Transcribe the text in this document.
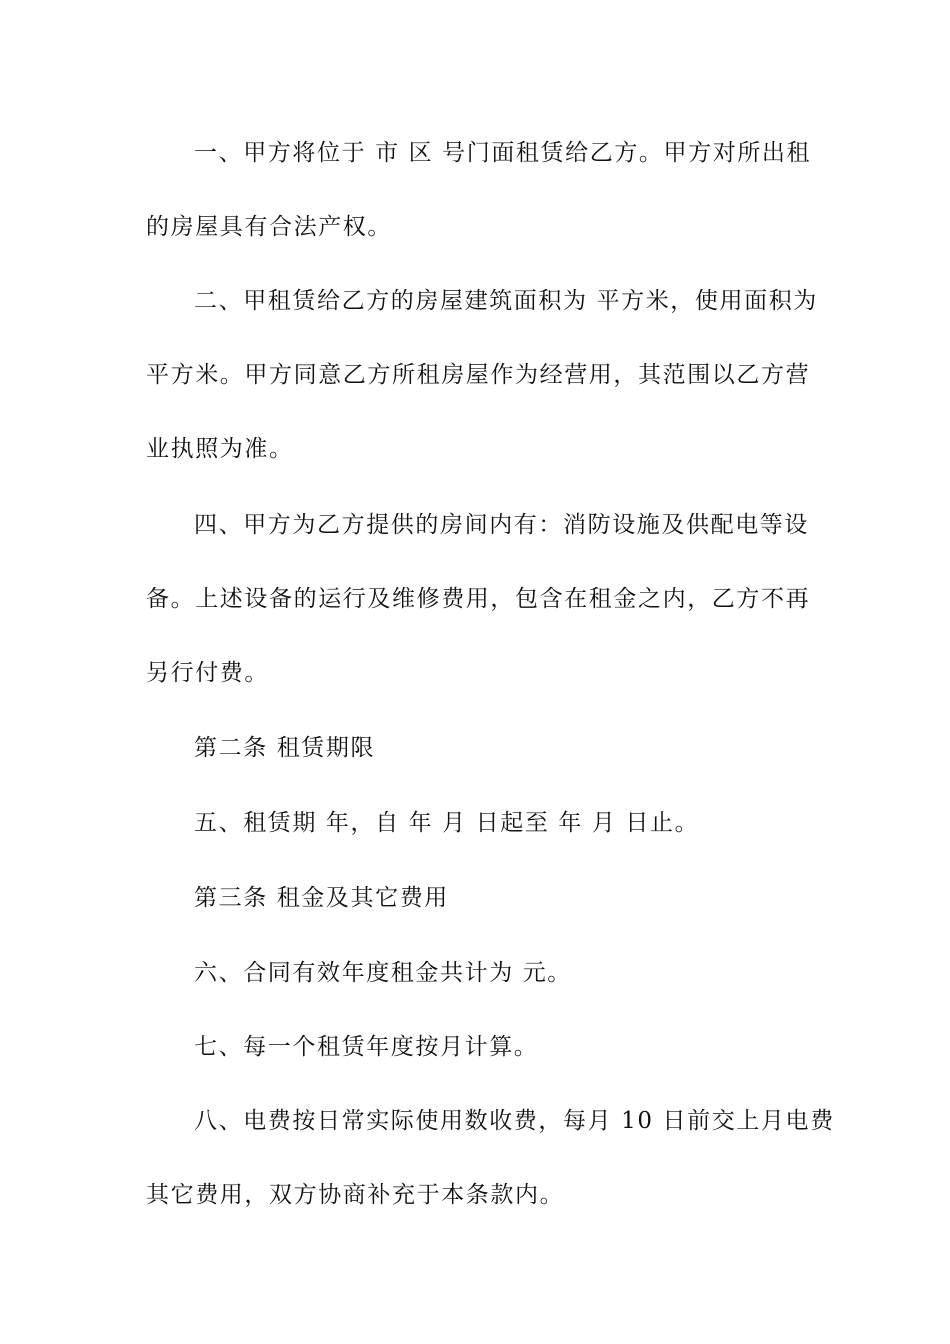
一、甲方将位于 市 区 号门面租赁给乙方。甲方对所出租
的房屋具有合法产权。
二、甲租赁给乙方的房屋建筑面积为 平方米，使用面积为
平方米。甲方同意乙方所租房屋作为经营用，其范围以乙方营
业执照为准。
四、甲方为乙方提供的房间内有：消防设施及供配电等设
备。上述设备的运行及维修费用，包含在租金之内，乙方不再
另行付费。
第二条 租赁期限
五、租赁期 年，自 年 月 日起至 年 月 日止。
第三条 租金及其它费用
六、合同有效年度租金共计为 元。
七、每一个租赁年度按月计算。
八、电费按日常实际使用数收费，每月 10 日前交上月电费
其它费用，双方协商补充于本条款内。
